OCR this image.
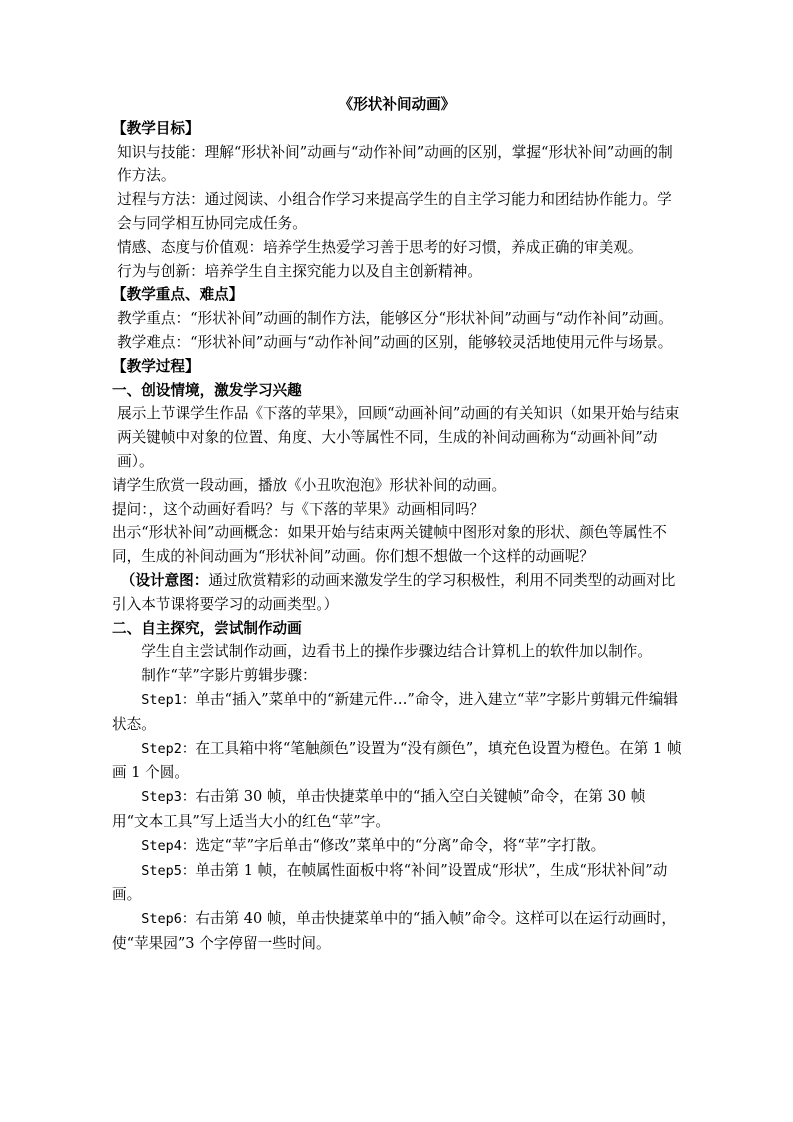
《形状补间动画》
【教学目标】

知识与技能：理解“形状补间”动画与“动作补间”动画的区别，掌握“形状补间”动画的制作方法。

过程与方法：通过阅读、小组合作学习来提高学生的自主学习能力和团结协作能力。学会与同学相互协同完成任务。

情感、态度与价值观：培养学生热爱学习善于思考的好习惯，养成正确的审美观。

行为与创新：培养学生自主探究能力以及自主创新精神。

【教学重点、难点】

教学重点：“形状补间”动画的制作方法，能够区分“形状补间”动画与“动作补间”动画。

教学难点：“形状补间”动画与“动作补间”动画的区别，能够较灵活地使用元件与场景。

【教学过程】
一、创设情境，激发学习兴趣

展示上节课学生作品《下落的苹果》，回顾“动画补间”动画的有关知识（如果开始与结束两关键帧中对象的位置、角度、大小等属性不同，生成的补间动画称为“动画补间”动画）。

请学生欣赏一段动画，播放《小丑吹泡泡》形状补间的动画。

提问：，这个动画好看吗？与《下落的苹果》动画相同吗？

出示“形状补间”动画概念：如果开始与结束两关键帧中图形对象的形状、颜色等属性不同，生成的补间动画为“形状补间”动画。你们想不想做一个这样的动画呢？

（设计意图：通过欣赏精彩的动画来激发学生的学习积极性，利用不同类型的动画对比引入本节课将要学习的动画类型。）

二、自主探究，尝试制作动画

学生自主尝试制作动画，边看书上的操作步骤边结合计算机上的软件加以制作。

制作“苹”字影片剪辑步骤：

Step1：单击“插入”菜单中的“新建元件…”命令，进入建立“苹”字影片剪辑元件编辑状态。

Step2：在工具箱中将“笔触颜色”设置为“没有颜色”，填充色设置为橙色。在第 1 帧画 1 个圆。

Step3：右击第 30 帧，单击快捷菜单中的“插入空白关键帧”命令，在第 30 帧用“文本工具”写上适当大小的红色“苹”字。

Step4：选定“苹”字后单击“修改”菜单中的“分离”命令，将“苹”字打散。

Step5：单击第 1 帧，在帧属性面板中将“补间”设置成“形状”，生成“形状补间”动画。

Step6：右击第 40 帧，单击快捷菜单中的“插入帧”命令。这样可以在运行动画时，使“苹果园”3 个字停留一些时间。
